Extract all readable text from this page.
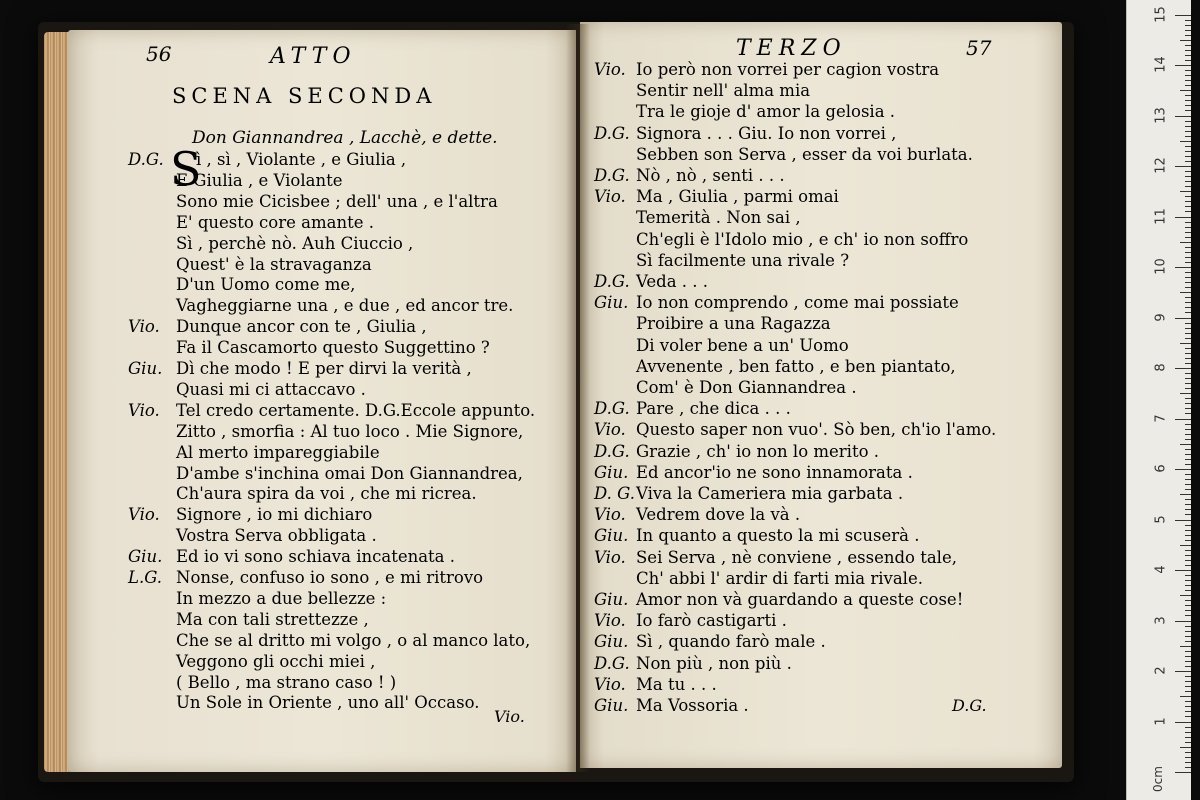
56	ATTO
SCENA SECONDA
Don Giannandrea , Lacchè, e dette.
S
D.G. ì , sì , Violante , e Giulia ,
E Giulia , e Violante
Sono mie Cicisbee ; dell' una , e l'altra
E' questo core amante .
Sì , perchè nò. Auh Ciuccio ,
Quest' è la stravaganza
D'un Uomo come me,
Vagheggiarne una , e due , ed ancor tre.
Vio. Dunque ancor con te , Giulia ,
Fa il Cascamorto questo Suggettino ?
Giu. Dì che modo ! E per dirvi la verità ,
Quasi mi ci attaccavo .
Vio. Tel credo certamente. D.G.Eccole appunto.
Zitto , smorfia : Al tuo loco . Mie Signore,
Al merto impareggiabile
D'ambe s'inchina omai Don Giannandrea,
Ch'aura spira da voi , che mi ricrea.
Vio. Signore , io mi dichiaro
Vostra Serva obbligata .
Giu. Ed io vi sono schiava incatenata .
L.G. Nonse, confuso io sono , e mi ritrovo
In mezzo a due bellezze :
Ma con tali strettezze ,
Che se al dritto mi volgo , o al manco lato,
Veggono gli occhi miei ,
( Bello , ma strano caso ! )
Un Sole in Oriente , uno all' Occaso.
Vio.
TERZO	57
Vio. Io però non vorrei per cagion vostra
Sentir nell' alma mia
Tra le gioje d' amor la gelosia .
D.G. Signora . . . Giu. Io non vorrei ,
Sebben son Serva , esser da voi burlata.
D.G. Nò , nò , senti . . .
Vio. Ma , Giulia , parmi omai
Temerità . Non sai ,
Ch'egli è l'Idolo mio , e ch' io non soffro
Sì facilmente una rivale ?
D.G. Veda . . .
Giu. Io non comprendo , come mai possiate
Proibire a una Ragazza
Di voler bene a un' Uomo
Avvenente , ben fatto , e ben piantato,
Com' è Don Giannandrea .
D.G. Pare , che dica . . .
Vio. Questo saper non vuo'. Sò ben, ch'io l'amo.
D.G. Grazie , ch' io non lo merito .
Giu. Ed ancor'io ne sono innamorata .
D. G. Viva la Cameriera mia garbata .
Vio. Vedrem dove la và .
Giu. In quanto a questo la mi scuserà .
Vio. Sei Serva , nè conviene , essendo tale,
Ch' abbi l' ardir di farti mia rivale.
Giu. Amor non và guardando a queste cose!
Vio. Io farò castigarti .
Giu. Sì , quando farò male .
D.G. Non più , non più .
Vio. Ma tu . . .
Giu. Ma Vossoria .	D.G.
0cm
1
2
3
4
5
6
7
8
9
10
11
12
13
14
15
